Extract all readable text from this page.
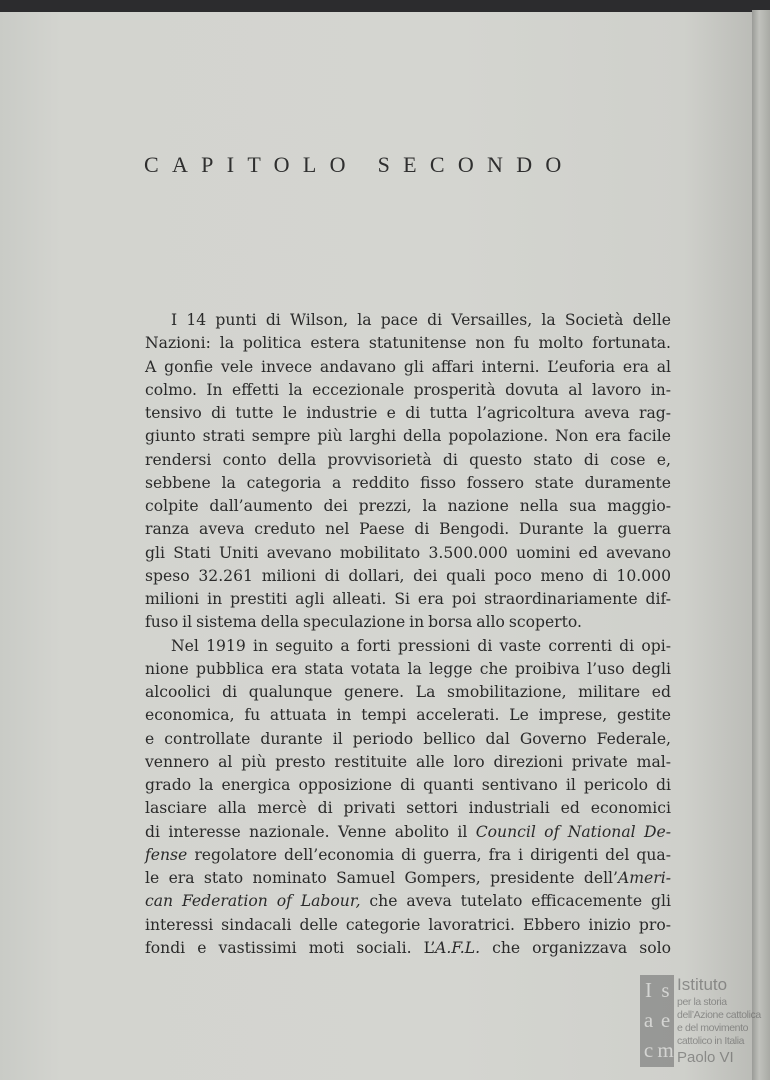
CAPITOLO SECONDO
I 14 punti di Wilson, la pace di Versailles, la Società delle
Nazioni: la politica estera statunitense non fu molto fortunata.
A gonfie vele invece andavano gli affari interni. L’euforia era al
colmo. In effetti la eccezionale prosperità dovuta al lavoro in-
tensivo di tutte le industrie e di tutta l’agricoltura aveva rag-
giunto strati sempre più larghi della popolazione. Non era facile
rendersi conto della provvisorietà di questo stato di cose e,
sebbene la categoria a reddito fisso fossero state duramente
colpite dall’aumento dei prezzi, la nazione nella sua maggio-
ranza aveva creduto nel Paese di Bengodi. Durante la guerra
gli Stati Uniti avevano mobilitato 3.500.000 uomini ed avevano
speso 32.261 milioni di dollari, dei quali poco meno di 10.000
milioni in prestiti agli alleati. Si era poi straordinariamente dif-
fuso il sistema della speculazione in borsa allo scoperto.
Nel 1919 in seguito a forti pressioni di vaste correnti di opi-
nione pubblica era stata votata la legge che proibiva l’uso degli
alcoolici di qualunque genere. La smobilitazione, militare ed
economica, fu attuata in tempi accelerati. Le imprese, gestite
e controllate durante il periodo bellico dal Governo Federale,
vennero al più presto restituite alle loro direzioni private mal-
grado la energica opposizione di quanti sentivano il pericolo di
lasciare alla mercè di privati settori industriali ed economici
di interesse nazionale. Venne abolito il Council of National De-
fense regolatore dell’economia di guerra, fra i dirigenti del qua-
le era stato nominato Samuel Gompers, presidente dell’Ameri-
can Federation of Labour, che aveva tutelato efficacemente gli
interessi sindacali delle categorie lavoratrici. Ebbero inizio pro-
fondi e vastissimi moti sociali. L’A.F.L. che organizzava solo
I s
a e
c m
Istituto
per la storia
dell’Azione cattolica
e del movimento
cattolico in Italia
Paolo VI
